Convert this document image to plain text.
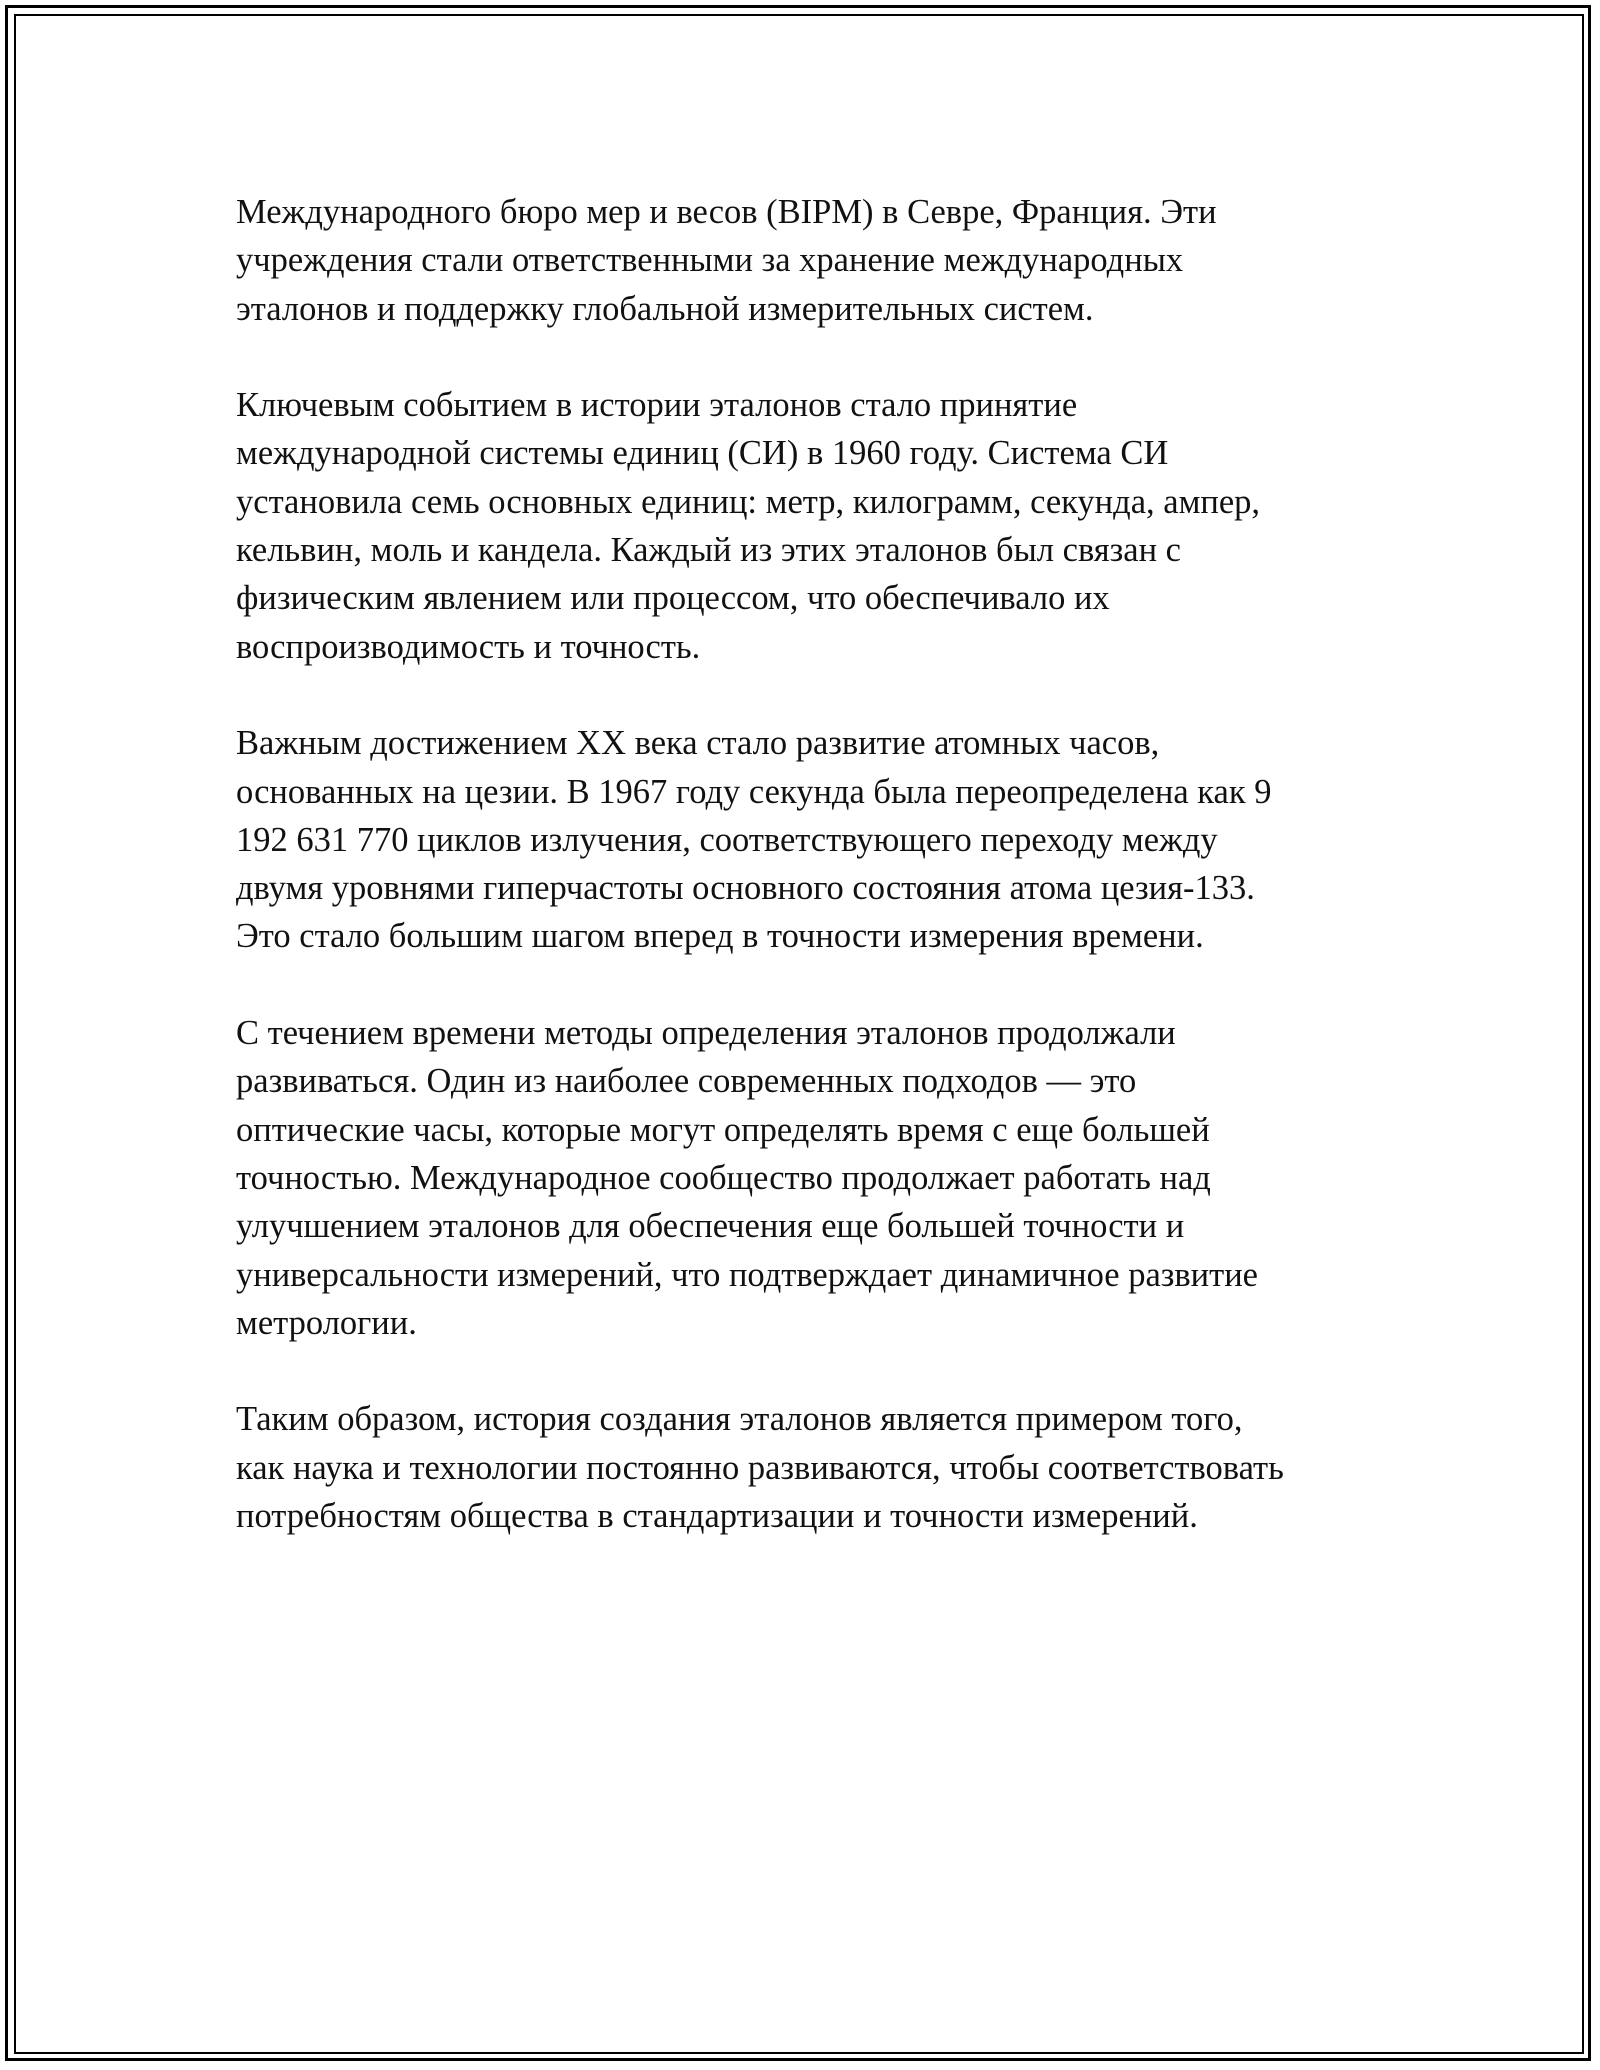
Международного бюро мер и весов (BIPM) в Севре, Франция. Эти
учреждения стали ответственными за хранение международных
эталонов и поддержку глобальной измерительных систем.

Ключевым событием в истории эталонов стало принятие
международной системы единиц (СИ) в 1960 году. Система СИ
установила семь основных единиц: метр, килограмм, секунда, ампер,
кельвин, моль и кандела. Каждый из этих эталонов был связан с
физическим явлением или процессом, что обеспечивало их
воспроизводимость и точность.

Важным достижением XX века стало развитие атомных часов,
основанных на цезии. В 1967 году секунда была переопределена как 9
192 631 770 циклов излучения, соответствующего переходу между
двумя уровнями гиперчастоты основного состояния атома цезия-133.
Это стало большим шагом вперед в точности измерения времени.

С течением времени методы определения эталонов продолжали
развиваться. Один из наиболее современных подходов — это
оптические часы, которые могут определять время с еще большей
точностью. Международное сообщество продолжает работать над
улучшением эталонов для обеспечения еще большей точности и
универсальности измерений, что подтверждает динамичное развитие
метрологии.

Таким образом, история создания эталонов является примером того,
как наука и технологии постоянно развиваются, чтобы соответствовать
потребностям общества в стандартизации и точности измерений.
